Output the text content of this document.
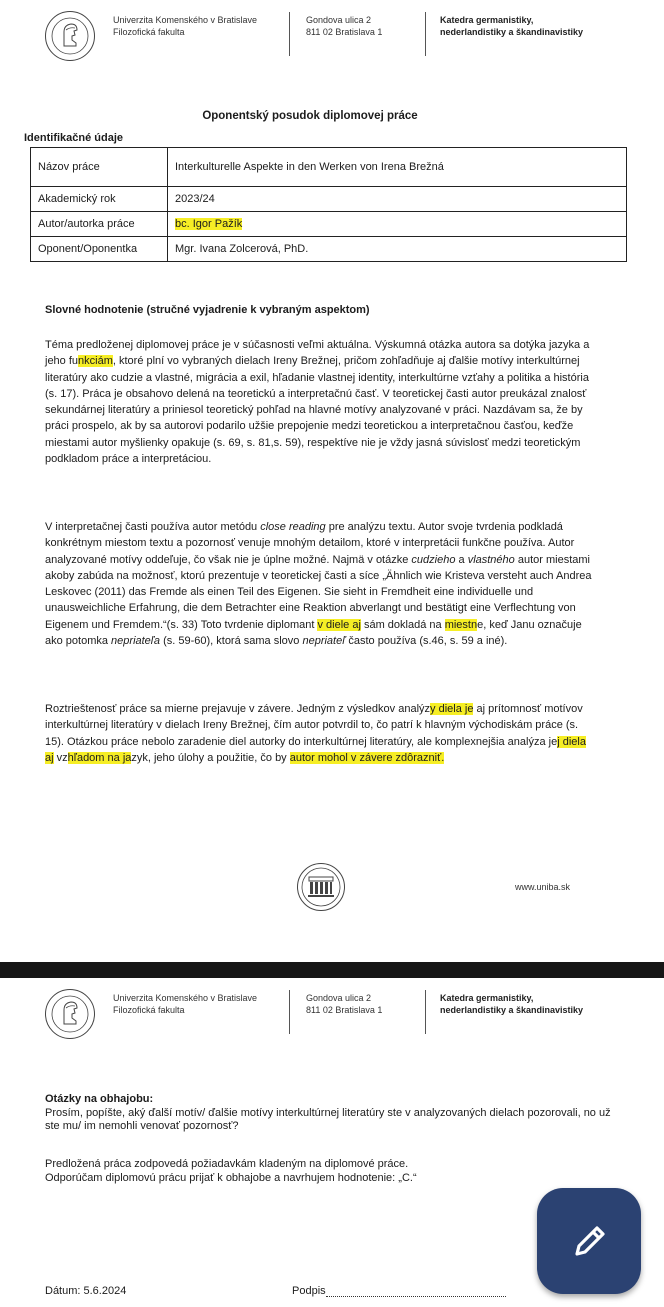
Univerzita Komenského v Bratislave
Filozofická fakulta
Gondova ulica 2
811 02 Bratislava 1
Katedra germanistiky,
nederlandistiky a škandinavistiky
Oponentský posudok diplomovej práce
Identifikačné údaje
Názov práce	Interkulturelle Aspekte in den Werken von Irena Brežná
Akademický rok	2023/24
Autor/autorka práce	bc. Igor Pažík
Oponent/Oponentka	Mgr. Ivana Zolcerová, PhD.
Slovné hodnotenie (stručné vyjadrenie k vybraným aspektom)
Téma predloženej diplomovej práce je v súčasnosti veľmi aktuálna. Výskumná otázka autora sa dotýka jazyka a jeho funkciám, ktoré plní vo vybraných dielach Ireny Brežnej, pričom zohľadňuje aj ďalšie motívy interkultúrnej literatúry ako cudzie a vlastné, migrácia a exil, hľadanie vlastnej identity, interkultúrne vzťahy a politika a história (s. 17). Práca je obsahovo delená na teoretickú a interpretačnú časť. V teoretickej časti autor preukázal znalosť sekundárnej literatúry a priniesol teoretický pohľad na hlavné motívy analyzované v práci. Nazdávam sa, že by práci prospelo, ak by sa autorovi podarilo užšie prepojenie medzi teoretickou a interpretačnou časťou, keďže miestami autor myšlienky opakuje (s. 69, s. 81,s. 59), respektíve nie je vždy jasná súvislosť medzi teoretickým podkladom práce a interpretáciou.
V interpretačnej časti používa autor metódu close reading pre analýzu textu. Autor svoje tvrdenia podkladá konkrétnym miestom textu a pozornosť venuje mnohým detailom, ktoré v interpretácii funkčne používa. Autor analyzované motívy oddeľuje, čo však nie je úplne možné. Najmä v otázke cudzieho a vlastného autor miestami akoby zabúda na možnosť, ktorú prezentuje v teoretickej časti a síce „Ähnlich wie Kristeva versteht auch Andrea Leskovec (2011) das Fremde als einen Teil des Eigenen. Sie sieht in Fremdheit eine individuelle und unausweichliche Erfahrung, die dem Betrachter eine Reaktion abverlangt und bestätigt eine Verflechtung von Eigenem und Fremdem.“(s. 33) Toto tvrdenie diplomant v diele aj sám dokladá na miestne, keď Janu označuje ako potomka nepriateľa (s. 59-60), ktorá sama slovo nepriateľ často používa (s.46, s. 59 a iné).
Roztrieštenosť práce sa mierne prejavuje v závere. Jedným z výsledkov analýzy diela je aj prítomnosť motívov interkultúrnej literatúry v dielach Ireny Brežnej, čím autor potvrdil to, čo patrí k hlavným východiskám práce (s. 15). Otázkou práce nebolo zaradenie diel autorky do interkultúrnej literatúry, ale komplexnejšia analýza jej diela aj vzhľadom na jazyk, jeho úlohy a použitie, čo by autor mohol v závere zdôrazniť.
www.uniba.sk
Univerzita Komenského v Bratislave
Filozofická fakulta
Gondova ulica 2
811 02 Bratislava 1
Katedra germanistiky,
nederlandistiky a škandinavistiky
Otázky na obhajobu:
Prosím, popíšte, aký ďalší motív/ ďalšie motívy interkultúrnej literatúry ste v analyzovaných dielach pozorovali, no už ste mu/ im nemohli venovať pozornosť?
Predložená práca zodpovedá požiadavkám kladeným na diplomové práce.
Odporúčam diplomovú prácu prijať k obhajobe a navrhujem hodnotenie: „C.“
Dátum: 5.6.2024	Podpis
